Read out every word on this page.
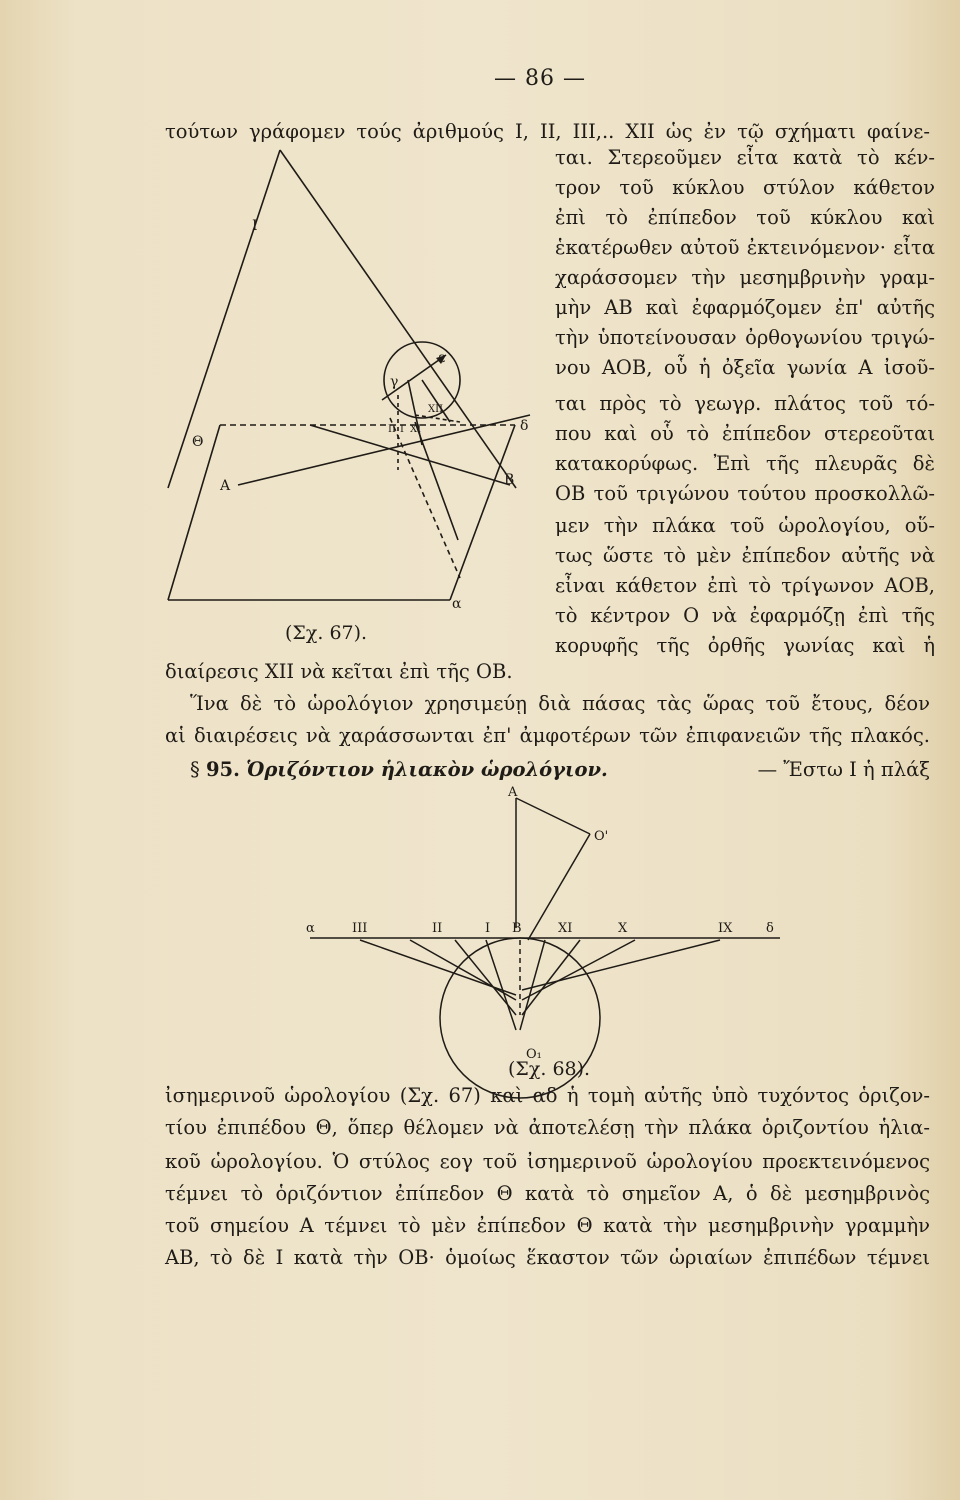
— 86 —
τούτων γράφομεν τούς ἀριθμούς Ι, ΙΙ, ΙΙΙ,.. ΧΙΙ ὡς ἐν τῷ σχήματι φαίνε-
ται. Στερεοῦμεν εἶτα κατὰ τὸ κέν-
τρον τοῦ κύκλου στύλον κάθετον
ἐπὶ τὸ ἐπίπεδον τοῦ κύκλου καὶ
ἑκατέρωθεν αὐτοῦ ἐκτεινόμενον· εἶτα
χαράσσομεν τὴν μεσημβρινὴν γραμ-
μὴν ΑΒ καὶ ἐφαρμόζομεν ἐπ' αὐτῆς
τὴν ὑποτείνουσαν ὀρθογωνίου τριγώ-
νου ΑΟΒ, οὗ ἡ ὀξεῖα γωνία Α ἰσοῦ-
ται πρὸς τὸ γεωγρ. πλάτος τοῦ τό-
που καὶ οὗ τὸ ἐπίπεδον στερεοῦται
κατακορύφως. Ἐπὶ τῆς πλευρᾶς δὲ
ΟΒ τοῦ τριγώνου τούτου προσκολλῶ-
μεν τὴν πλάκα τοῦ ὡρολογίου, οὕ-
τως ὥστε τὸ μὲν ἐπίπεδον αὐτῆς νὰ
εἶναι κάθετον ἐπὶ τὸ τρίγωνον ΑΟΒ,
τὸ κέντρον Ο νὰ ἐφαρμόζῃ ἐπὶ τῆς
κορυφῆς τῆς ὀρθῆς γωνίας καὶ ἡ
Ι
Θ
Α
δ
Β
α
ε
γ
ΧΙΙ
ΧΙ
ΙΙ Ι
(Σχ. 67).
διαίρεσις ΧΙΙ νὰ κεῖται ἐπὶ τῆς ΟΒ.
Ἵνα δὲ τὸ ὡρολόγιον χρησιμεύῃ διὰ πάσας τὰς ὥρας τοῦ ἔτους, δέον
αἱ διαιρέσεις νὰ χαράσσωνται ἐπ' ἀμφοτέρων τῶν ἐπιφανειῶν τῆς πλακός.
§ 95. Ὁριζόντιον ἡλιακὸν ὡρολόγιον.	— Ἔστω Ι ἡ πλάξ
Α
Ο'
Ο₁
α	ΙΙΙ	ΙΙ	Ι Β	ΧΙ	Χ	ΙΧ	δ
(Σχ. 68).
ἰσημερινοῦ ὡρολογίου (Σχ. 67) καὶ αδ ἡ τομὴ αὐτῆς ὑπὸ τυχόντος ὁριζον-
τίου ἐπιπέδου Θ, ὅπερ θέλομεν νὰ ἀποτελέσῃ τὴν πλάκα ὁριζοντίου ἡλια-
κοῦ ὡρολογίου. Ὁ στύλος εογ τοῦ ἰσημερινοῦ ὡρολογίου προεκτεινόμενος
τέμνει τὸ ὁριζόντιον ἐπίπεδον Θ κατὰ τὸ σημεῖον Α, ὁ δὲ μεσημβρινὸς
τοῦ σημείου Α τέμνει τὸ μὲν ἐπίπεδον Θ κατὰ τὴν μεσημβρινὴν γραμμὴν
ΑΒ, τὸ δὲ Ι κατὰ τὴν ΟΒ· ὁμοίως ἕκαστον τῶν ὡριαίων ἐπιπέδων τέμνει
